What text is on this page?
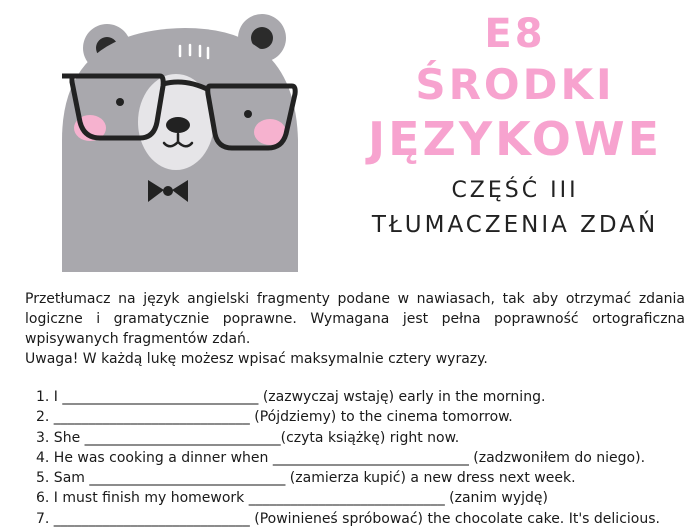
E8
ŚRODKI
JĘZYKOWE
CZĘŚĆ III
TŁUMACZENIA ZDAŃ

Przetłumacz na język angielski fragmenty podane w nawiasach, tak aby otrzymać zdania logiczne i gramatycznie poprawne. Wymagana jest pełna poprawność ortograficzna wpisywanych fragmentów zdań.

Uwaga! W każdą lukę możesz wpisać maksymalnie cztery wyrazy.

1. I ____________________________ (zazwyczaj wstaję) early in the morning.
2. ____________________________ (Pójdziemy) to the cinema tomorrow.
3. She ____________________________(czyta książkę) right now.
4. He was cooking a dinner when ____________________________ (zadzwoniłem do niego).
5. Sam ____________________________ (zamierza kupić) a new dress next week.
6. I must finish my homework ____________________________ (zanim wyjdę)
7. ____________________________ (Powinieneś spróbować) the chocolate cake. It's delicious.
